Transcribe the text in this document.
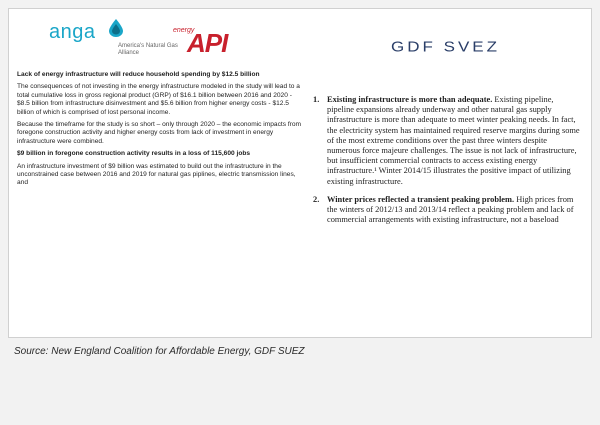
anga
America's Natural Gas Alliance
energy
API

Lack of energy infrastructure will reduce household spending by $12.5 billion

The consequences of not investing in the energy infrastructure modeled in the study will lead to a total cumulative loss in gross regional product (GRP) of $16.1 billion between 2016 and 2020 - $8.5 billion from infrastructure disinvestment and $5.6 billion from higher energy costs - $12.5 billion of which is comprised of lost personal income.

Because the timeframe for the study is so short – only through 2020 – the economic impacts from foregone construction activity and higher energy costs from lack of investment in energy infrastructure were combined.

$9 billion in foregone construction activity results in a loss of 115,600 jobs

An infrastructure investment of $9 billion was estimated to build out the infrastructure in the unconstrained case between 2016 and 2019 for natural gas piplines, electric transmission lines, and

GDF SVEZ
1. Existing infrastructure is more than adequate. Existing pipeline, pipeline expansions already underway and other natural gas supply infrastructure is more than adequate to meet winter peaking needs. In fact, the electricity system has maintained required reserve margins during some of the most extreme conditions over the past three winters despite numerous force majeure challenges. The issue is not lack of infrastructure, but insufficient commercial contracts to access existing energy infrastructure.¹ Winter 2014/15 illustrates the positive impact of utilizing existing infrastructure.
2. Winter prices reflected a transient peaking problem. High prices from the winters of 2012/13 and 2013/14 reflect a peaking problem and lack of commercial arrangements with existing infrastructure, not a baseload
Source: New England Coalition for Affordable Energy, GDF SUEZ
